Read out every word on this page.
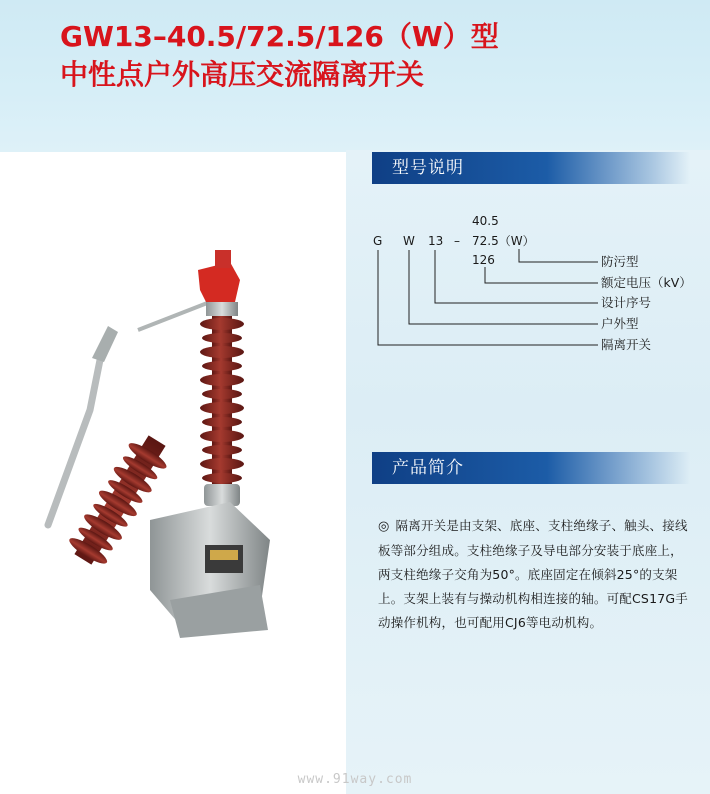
GW13–40.5/72.5/126（W）型
中性点户外高压交流隔离开关
型号说明
G W 13 –
40.5
72.5（W）
126	防污型
额定电压（kV）
设计序号
户外型
隔离开关
产品简介
◎ 隔离开关是由支架、底座、支柱绝缘子、触头、接线板等部分组成。支柱绝缘子及导电部分安装于底座上，两支柱绝缘子交角为50°。底座固定在倾斜25°的支架上。支架上装有与操动机构相连接的轴。可配CS17G手动操作机构，也可配用CJ6等电动机构。
www.91way.com
